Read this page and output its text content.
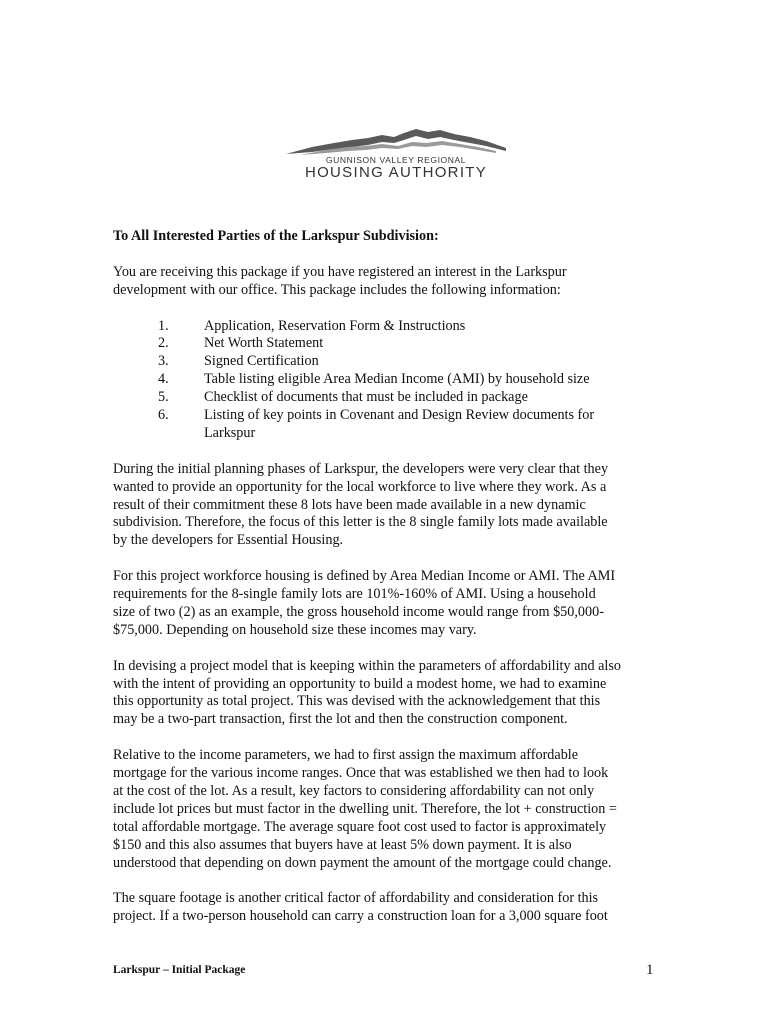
GUNNISON VALLEY REGIONAL
HOUSING AUTHORITY

To All Interested Parties of the Larkspur Subdivision:

You are receiving this package if you have registered an interest in the Larkspur
development with our office. This package includes the following information:

1.	Application, Reservation Form & Instructions
2.	Net Worth Statement
3.	Signed Certification
4.	Table listing eligible Area Median Income (AMI) by household size
5.	Checklist of documents that must be included in package
6.	Listing of key points in Covenant and Design Review documents for
Larkspur

During the initial planning phases of Larkspur, the developers were very clear that they
wanted to provide an opportunity for the local workforce to live where they work. As a
result of their commitment these 8 lots have been made available in a new dynamic
subdivision. Therefore, the focus of this letter is the 8 single family lots made available
by the developers for Essential Housing.

For this project workforce housing is defined by Area Median Income or AMI. The AMI
requirements for the 8-single family lots are 101%-160% of AMI. Using a household
size of two (2) as an example, the gross household income would range from $50,000-
$75,000. Depending on household size these incomes may vary.

In devising a project model that is keeping within the parameters of affordability and also
with the intent of providing an opportunity to build a modest home, we had to examine
this opportunity as total project. This was devised with the acknowledgement that this
may be a two-part transaction, first the lot and then the construction component.

Relative to the income parameters, we had to first assign the maximum affordable
mortgage for the various income ranges. Once that was established we then had to look
at the cost of the lot. As a result, key factors to considering affordability can not only
include lot prices but must factor in the dwelling unit. Therefore, the lot + construction =
total affordable mortgage. The average square foot cost used to factor is approximately
$150 and this also assumes that buyers have at least 5% down payment. It is also
understood that depending on down payment the amount of the mortgage could change.

The square footage is another critical factor of affordability and consideration for this
project. If a two-person household can carry a construction loan for a 3,000 square foot

Larkspur – Initial Package	1
